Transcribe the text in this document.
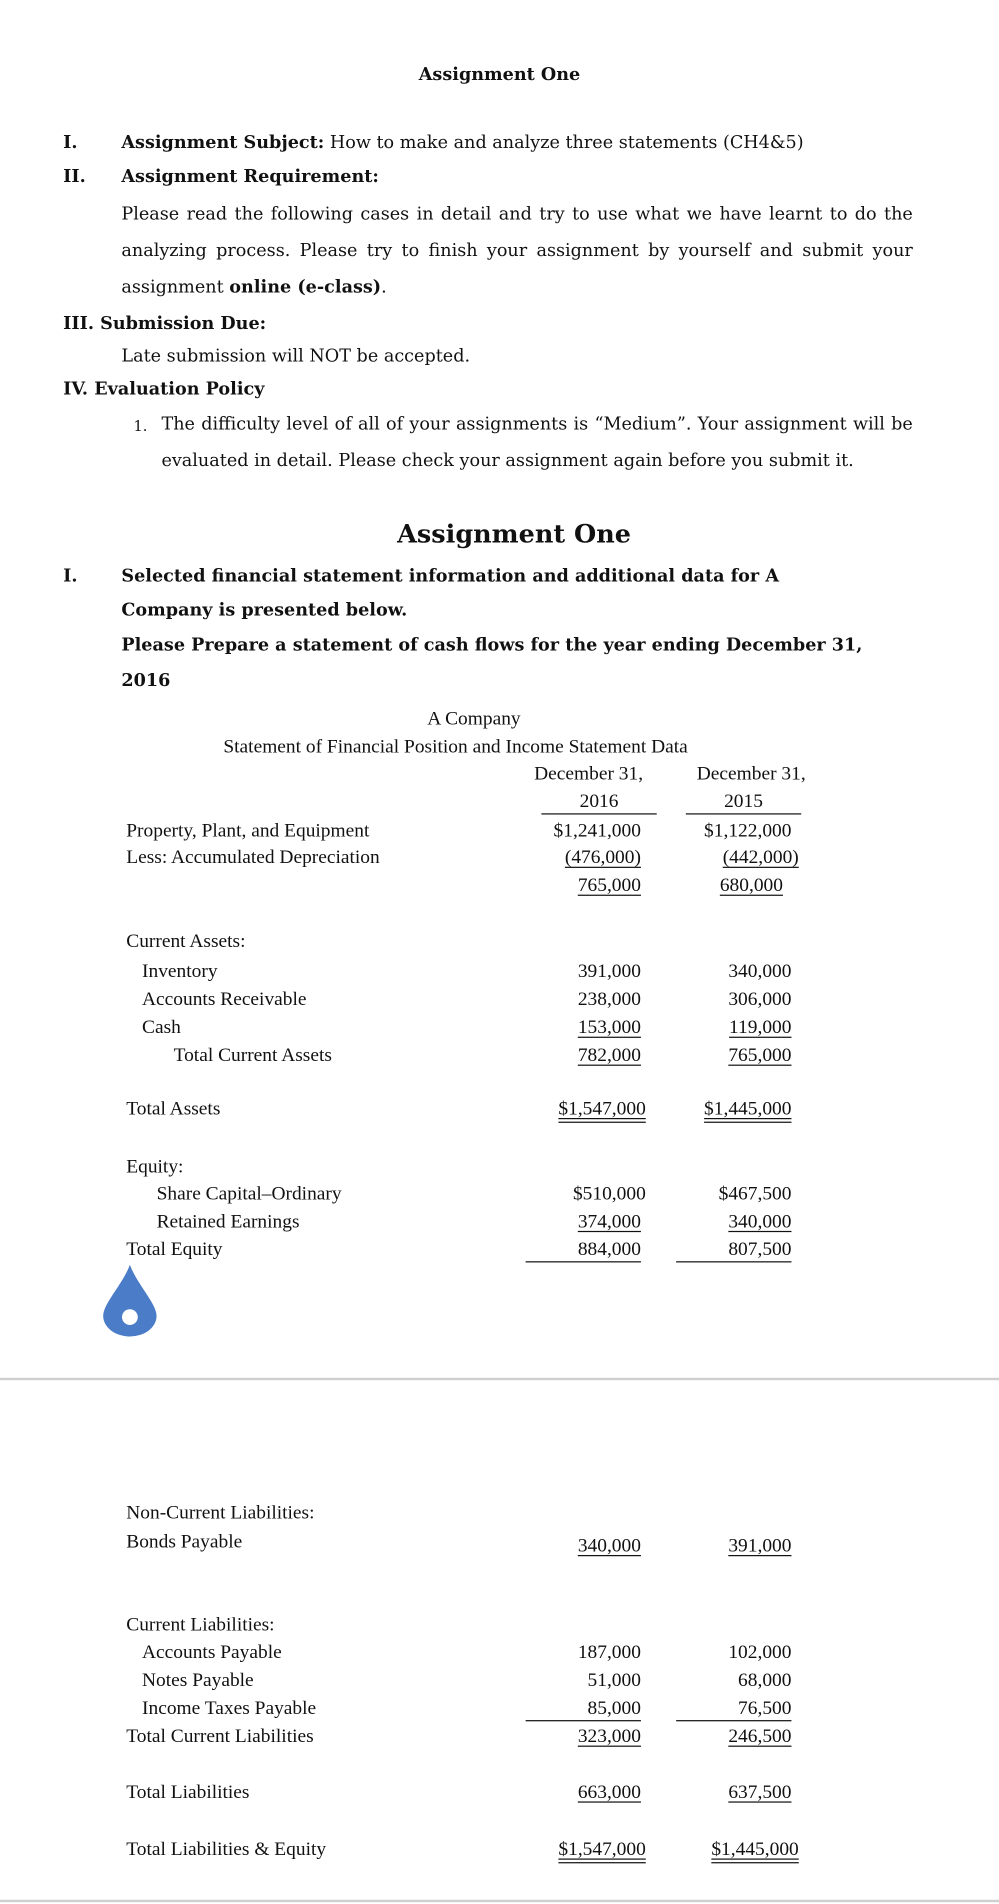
Assignment One
I.	Assignment Subject: How to make and analyze three statements (CH4&5)
II. Assignment Requirement:
Please read the following cases in detail and try to use what we have learnt to do the
analyzing process. Please try to finish your assignment by yourself and submit your
assignment online (e-class).
III. Submission Due:
Late submission will NOT be accepted.
IV. Evaluation Policy
1. The difficulty level of all of your assignments is “Medium”. Your assignment will be
evaluated in detail. Please check your assignment again before you submit it.
Assignment One
I.	Selected financial statement information and additional data for A
Company is presented below.
Please Prepare a statement of cash flows for the year ending December 31,
2016
A Company
Statement of Financial Position and Income Statement Data
December 31,	December 31,
2016	2015
Property, Plant, and Equipment	$1,241,000	$1,122,000
Less: Accumulated Depreciation	(476,000)	(442,000)
765,000	680,000
Current Assets:
Inventory	391,000	340,000
Accounts Receivable	238,000	306,000
Cash	153,000	119,000
Total Current Assets	782,000	765,000
Total Assets	$1,547,000	$1,445,000
Equity:
Share Capital–Ordinary	$510,000	$467,500
Retained Earnings	374,000	340,000
Total Equity	884,000	807,500
Non-Current Liabilities:
Bonds Payable	340,000	391,000
Current Liabilities:
Accounts Payable	187,000	102,000
Notes Payable	51,000	68,000
Income Taxes Payable	85,000	76,500
Total Current Liabilities	323,000	246,500
Total Liabilities	663,000	637,500
Total Liabilities & Equity	$1,547,000	$1,445,000
